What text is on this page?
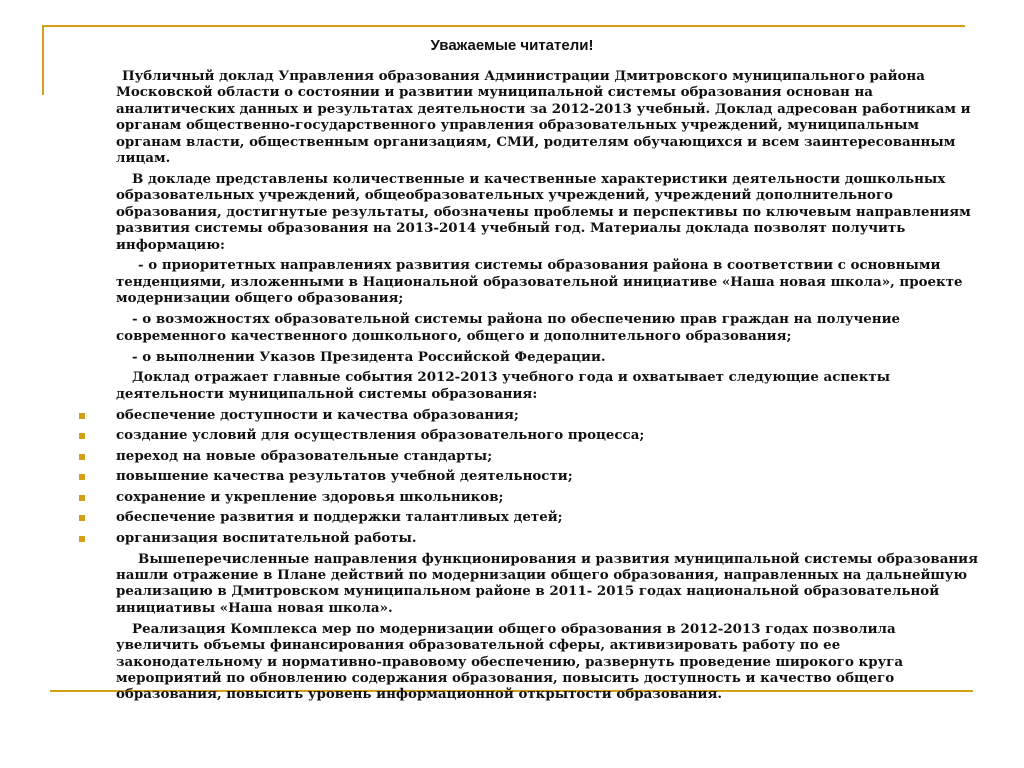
Уважаемые читатели!

Публичный доклад Управления образования Администрации Дмитровского муниципального района Московской области о состоянии и развитии муниципальной системы образования основан на аналитических данных и результатах деятельности за 2012-2013 учебный. Доклад адресован работникам и органам общественно-государственного управления образовательных учреждений, муниципальным органам власти, общественным организациям, СМИ, родителям обучающихся и всем заинтересованным лицам.

В докладе представлены количественные и качественные характеристики деятельности дошкольных образовательных учреждений, общеобразовательных учреждений, учреждений дополнительного образования, достигнутые результаты, обозначены проблемы и перспективы по ключевым направлениям развития системы образования на 2013-2014 учебный год. Материалы доклада позволят получить информацию:

- о приоритетных направлениях развития системы образования района в соответствии с основными тенденциями, изложенными в Национальной образовательной инициативе «Наша новая школа», проекте модернизации общего образования;

- о возможностях образовательной системы района по обеспечению прав граждан на получение современного качественного дошкольного, общего и дополнительного образования;

- о выполнении Указов Президента Российской Федерации.

Доклад отражает главные события 2012-2013 учебного года и охватывает следующие аспекты деятельности муниципальной системы образования:

обеспечение доступности и качества образования;
создание условий для осуществления образовательного процесса;
переход на новые образовательные стандарты;
повышение качества результатов учебной деятельности;
сохранение и укрепление здоровья школьников;
обеспечение развития и поддержки талантливых детей;
организация воспитательной работы.

Вышеперечисленные направления функционирования и развития муниципальной системы образования нашли отражение в Плане действий по модернизации общего образования, направленных на дальнейшую реализацию в Дмитровском муниципальном районе в 2011- 2015 годах национальной образовательной инициативы «Наша новая школа».

Реализация Комплекса мер по модернизации общего образования в 2012-2013 годах позволила увеличить объемы финансирования образовательной сферы, активизировать работу по ее законодательному и нормативно-правовому обеспечению, развернуть проведение широкого круга мероприятий по обновлению содержания образования, повысить доступность и качество общего образования, повысить уровень информационной открытости образования.
